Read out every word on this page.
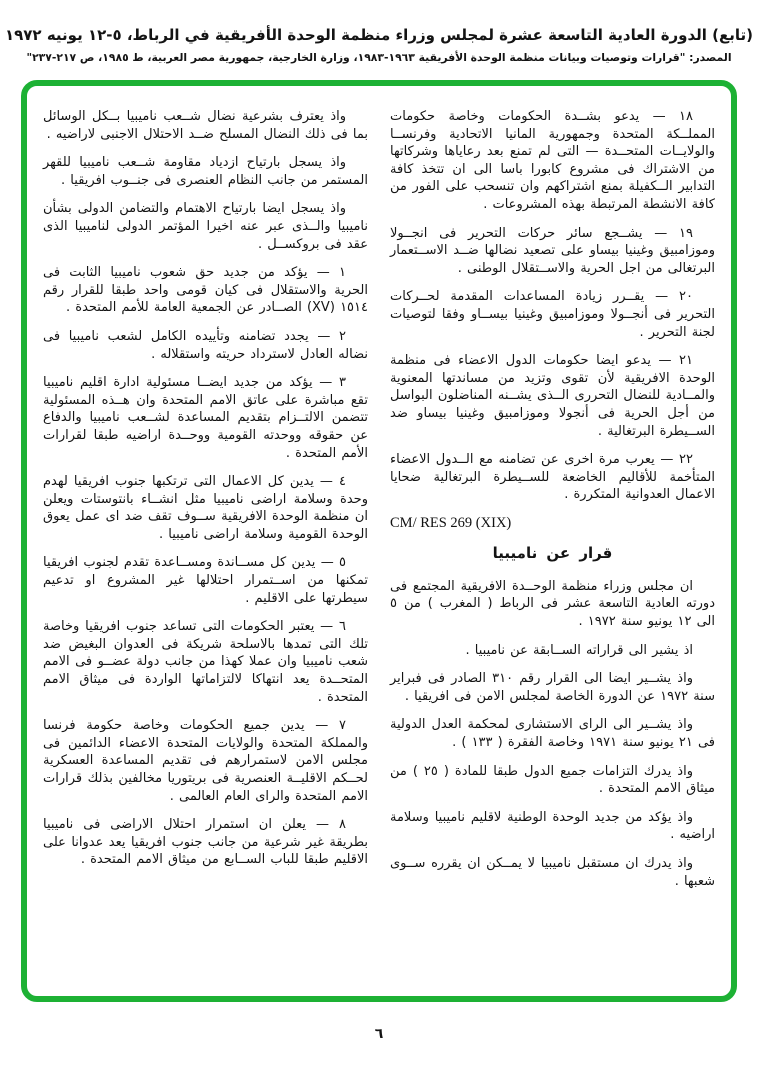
(تابع) الدورة العادية التاسعة عشرة لمجلس وزراء منظمة الوحدة الأفريقية في الرباط، ٥-١٢ يونيه ١٩٧٢
المصدر: "قرارات وتوصيات وبيانات منظمة الوحدة الأفريقية ١٩٦٣-١٩٨٣، وزارة الخارجية، جمهورية مصر العربية، ط ١٩٨٥، ص ٢١٧-٢٣٧"

١٨ — يدعو بشــدة الحكومات وخاصة حكومات المملــكة المتحدة وجمهورية المانيا الاتحادية وفرنســا والولايــات المتحــدة — التى لم تمنع بعد رعاياها وشركاتها من الاشتراك فى مشروع كابورا باسا الى ان تتخذ كافة التدابير الــكفيلة بمنع اشتراكهم وان تنسحب على الفور من كافة الانشطة المرتبطة بهذه المشروعات .

١٩ — يشــجع سائر حركات التحرير فى انجــولا وموزامبيق وغينيا بيساو على تصعيد نضالها ضــد الاســتعمار البرتغالى من اجل الحرية والاســتقلال الوطنى .

٢٠ — يقــرر زيادة المساعدات المقدمة لحــركات التحرير فى أنجــولا وموزامبيق وغينيا بيســاو وفقا لتوصيات لجنة التحرير .

٢١ — يدعو ايضا حكومات الدول الاعضاء فى منظمة الوحدة الافريقية لأن تقوى وتزيد من مساندتها المعنوية والمــادية للنضال التحررى الــذى يشــنه المناضلون البواسل من أجل الحرية فى أنجولا وموزامبيق وغينيا بيساو ضد الســيطرة البرتغالية .

٢٢ — يعرب مرة اخرى عن تضامنه مع الــدول الاعضاء المتأخمة للأقاليم الخاضعة للســيطرة البرتغالية ضحايا الاعمال العدوانية المتكررة .

CM/ RES 269 (XIX)
قرار عن ناميبيا

ان مجلس وزراء منظمة الوحــدة الافريقية المجتمع فى دورته العادية التاسعة عشر فى الرباط ( المغرب ) من ٥ الى ١٢ يونيو سنة ١٩٧٢ .

اذ يشير الى قراراته الســابقة عن ناميبيا .

واذ يشــير ايضا الى القرار رقم ٣١٠ الصادر فى فبراير سنة ١٩٧٢ عن الدورة الخاصة لمجلس الامن فى افريقيا .

واذ يشــير الى الراى الاستشارى لمحكمة العدل الدولية فى ٢١ يونيو سنة ١٩٧١ وخاصة الفقرة ( ١٣٣ ) .

واذ يدرك التزامات جميع الدول طبقا للمادة ( ٢٥ ) من ميثاق الامم المتحدة .

واذ يؤكد من جديد الوحدة الوطنية لاقليم ناميبيا وسلامة اراضيه .

واذ يدرك ان مستقبل ناميبيا لا يمــكن ان يقرره ســوى شعبها .

واذ يعترف بشرعية نضال شــعب ناميبيا بــكل الوسائل بما فى ذلك النضال المسلح ضــد الاحتلال الاجنبى لاراضيه .

واذ يسجل بارتياح ازدياد مقاومة شــعب ناميبيا للقهر المستمر من جانب النظام العنصرى فى جنــوب افريقيا .

واذ يسجل ايضا بارتياح الاهتمام والتضامن الدولى بشأن ناميبيا والــذى عبر عنه اخيرا المؤتمر الدولى لناميبيا الذى عقد فى بروكســل .

١ — يؤكد من جديد حق شعوب ناميبيا الثابت فى الحرية والاستقلال فى كيان قومى واحد طبقا للقرار رقم ١٥١٤ (XV) الصــادر عن الجمعية العامة للأمم المتحدة .

٢ — يجدد تضامنه وتأييده الكامل لشعب ناميبيا فى نضاله العادل لاسترداد حريته واستقلاله .

٣ — يؤكد من جديد ايضــا مسئولية ادارة اقليم ناميبيا تقع مباشرة على عاتق الامم المتحدة وان هــذه المسئولية تتضمن الالتــزام بتقديم المساعدة لشــعب ناميبيا والدفاع عن حقوقه ووحدته القومية ووحــدة اراضيه طبقا لقرارات الأمم المتحدة .

٤ — يدين كل الاعمال التى ترتكبها جنوب افريقيا لهدم وحدة وسلامة اراضى ناميبيا مثل انشــاء بانتوستات ويعلن ان منظمة الوحدة الافريقية ســوف تقف ضد اى عمل يعوق الوحدة القومية وسلامة اراضى ناميبيا .

٥ — يدين كل مســاندة ومســاعدة تقدم لجنوب افريقيا تمكنها من اســتمرار احتلالها غير المشروع او تدعيم سيطرتها على الاقليم .

٦ — يعتبر الحكومات التى تساعد جنوب افريقيا وخاصة تلك التى تمدها بالاسلحة شريكة فى العدوان البغيض ضد شعب ناميبيا وان عملا كهذا من جانب دولة عضــو فى الامم المتحــدة يعد انتهاكا لالتزاماتها الواردة فى ميثاق الامم المتحدة .

٧ — يدين جميع الحكومات وخاصة حكومة فرنسا والمملكة المتحدة والولايات المتحدة الاعضاء الدائمين فى مجلس الامن لاستمرارهم فى تقديم المساعدة العسكرية لحــكم الاقليــة العنصرية فى بريتوريا مخالفين بذلك قرارات الامم المتحدة والراى العام العالمى .

٨ — يعلن ان استمرار احتلال الاراضى فى ناميبيا بطريقة غير شرعية من جانب جنوب افريقيا يعد عدوانا على الاقليم طبقا للباب الســابع من ميثاق الامم المتحدة .

٦
